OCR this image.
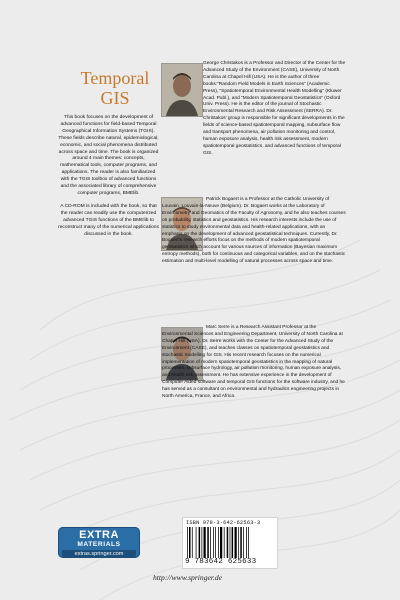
Temporal
GIS

This book focuses on the development of advanced functions for field-based Temporal Geographical Information Systems (TGIS). These fields describe natural, epidemiological, economic, and social phenomena distributed across space and time. The book is organized around 4 main themes: concepts, mathematical tools, computer programs, and applications. The reader is also familiarized with the TGIS toolbox of advanced functions and the associated library of comprehensive computer programs, BMElib.

A CD-ROM is included with the book, so that the reader can readily use the computerized advanced TGIS functions of the BMElib to reconstruct many of the numerical applications discussed in the book.

George Christakos is a Professor and Director of the Center for the Advanced Study of the Environment (CASE), University of North Carolina at Chapel Hill (USA). He is the author of three books:“Random Field Models in Earth Sciences” (Academic Press), “Spatiotemporal Environmental Health Modelling” (Kluwer Acad. Publ.), and “Modern Spatiotemporal Geostatistics” (Oxford Univ. Press). He is the editor of the journal of Stochastic Environmental Research and Risk Assessment (SERRA). Dr. Christakos’ group is responsible for significant developments in the fields of science-based spatiotemporal mapping, subsurface flow and transport phenomena, air pollution monitoring and control, human exposure analysis, health risk assessment, modern spatiotemporal geostatistics, and advanced functions of temporal GIS.
Patrick Bogaert is a Professor at the Catholic University of Louvain, Louvain-la-Neuve (Belgium). Dr. Bogaert works at the Laboratory of Environmetry and Geomatics of the Faculty of Agronomy, and he also teaches courses on probability, statistics and geostatistics. His research interests include the use of statistics to study environmental data and health-related applications, with an emphasis on the development of advanced geostatistical techniques. Currently, Dr. Bogaert’s research efforts focus on the methods of modern spatiotemporal geostatistics which account for various sources of information (Bayesian maximum entropy methods), both for continuous and categorical variables, and on the stochastic estimation and multi-level modelling of natural processes across space and time.
Marc Serre is a Research Assistant Professor at the Environmental Sciences and Engineering Department, University of North Carolina at Chapel Hill (USA). Dr. Serre works with the Center for the Advanced Study of the Environment (CASE), and teaches classes on spatiotemporal geostatistics and stochastic modelling for GIS. His recent research focuses on the numerical implementation of modern spatiotemporal geostatistics in the mapping of natural processes, subsurface hydrology, air pollution monitoring, human exposure analysis, and health risk assessment. He has extensive experience in the development of Computer Aided software and temporal GIS functions for the software industry, and he has served as a consultant on environmental and hydraulics engineering projects in North America, France, and Africa.
EXTRA
MATERIALS
extras.springer.com
ISBN 978-3-642-62563-3
9 783642 625633
http://www.springer.de
